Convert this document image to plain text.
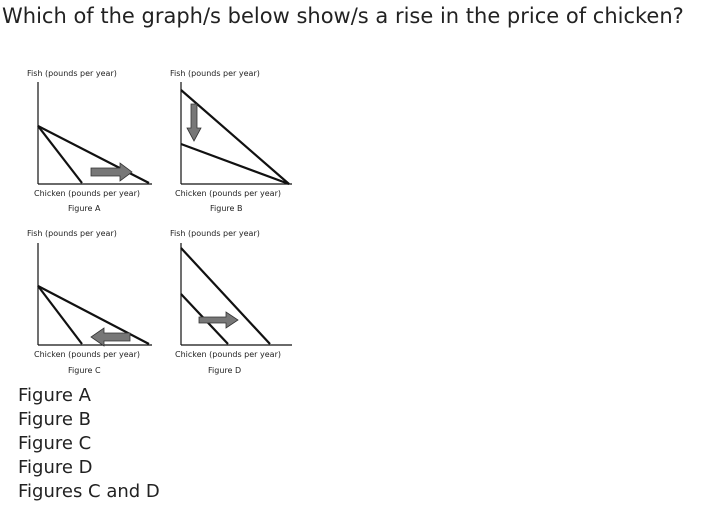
Which of the graph/s below show/s a rise in the price of chicken?
Fish (pounds per year)
Chicken (pounds per year)
Figure A
Fish (pounds per year)
Chicken (pounds per year)
Figure B
Fish (pounds per year)
Chicken (pounds per year)
Figure C
Fish (pounds per year)
Chicken (pounds per year)
Figure D
Figure A
Figure B
Figure C
Figure D
Figures C and D
